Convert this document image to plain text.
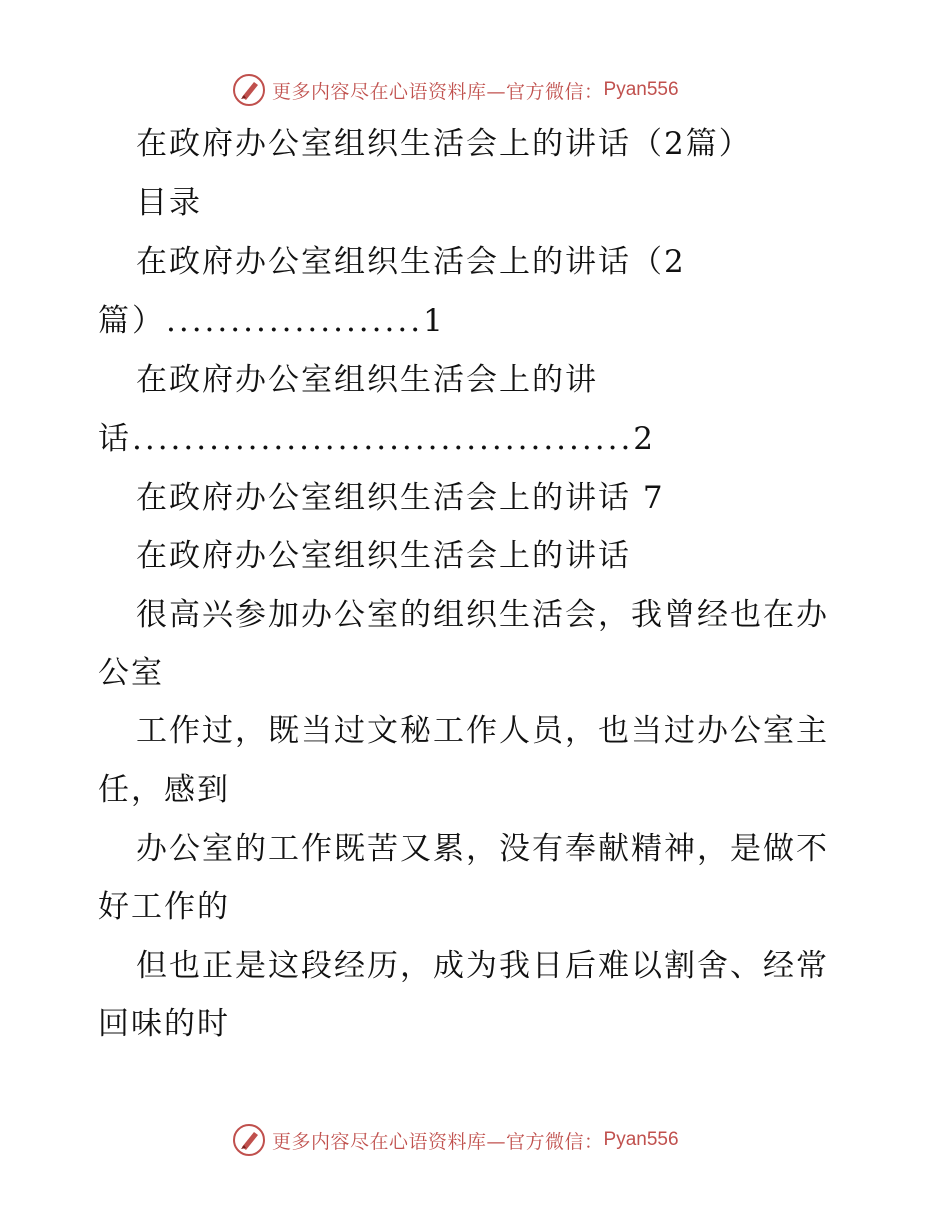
更多内容尽在心语资料库—官方微信： Pyan556
在政府办公室组织生活会上的讲话（2篇）
目录
在政府办公室组织生活会上的讲话（2
篇）....................1
在政府办公室组织生活会上的讲
话.......................................2
在政府办公室组织生活会上的讲话 7
在政府办公室组织生活会上的讲话
很高兴参加办公室的组织生活会，我曾经也在办
公室
工作过，既当过文秘工作人员，也当过办公室主
任，感到
办公室的工作既苦又累，没有奉献精神，是做不
好工作的
但也正是这段经历，成为我日后难以割舍、经常
回味的时
更多内容尽在心语资料库—官方微信： Pyan556
